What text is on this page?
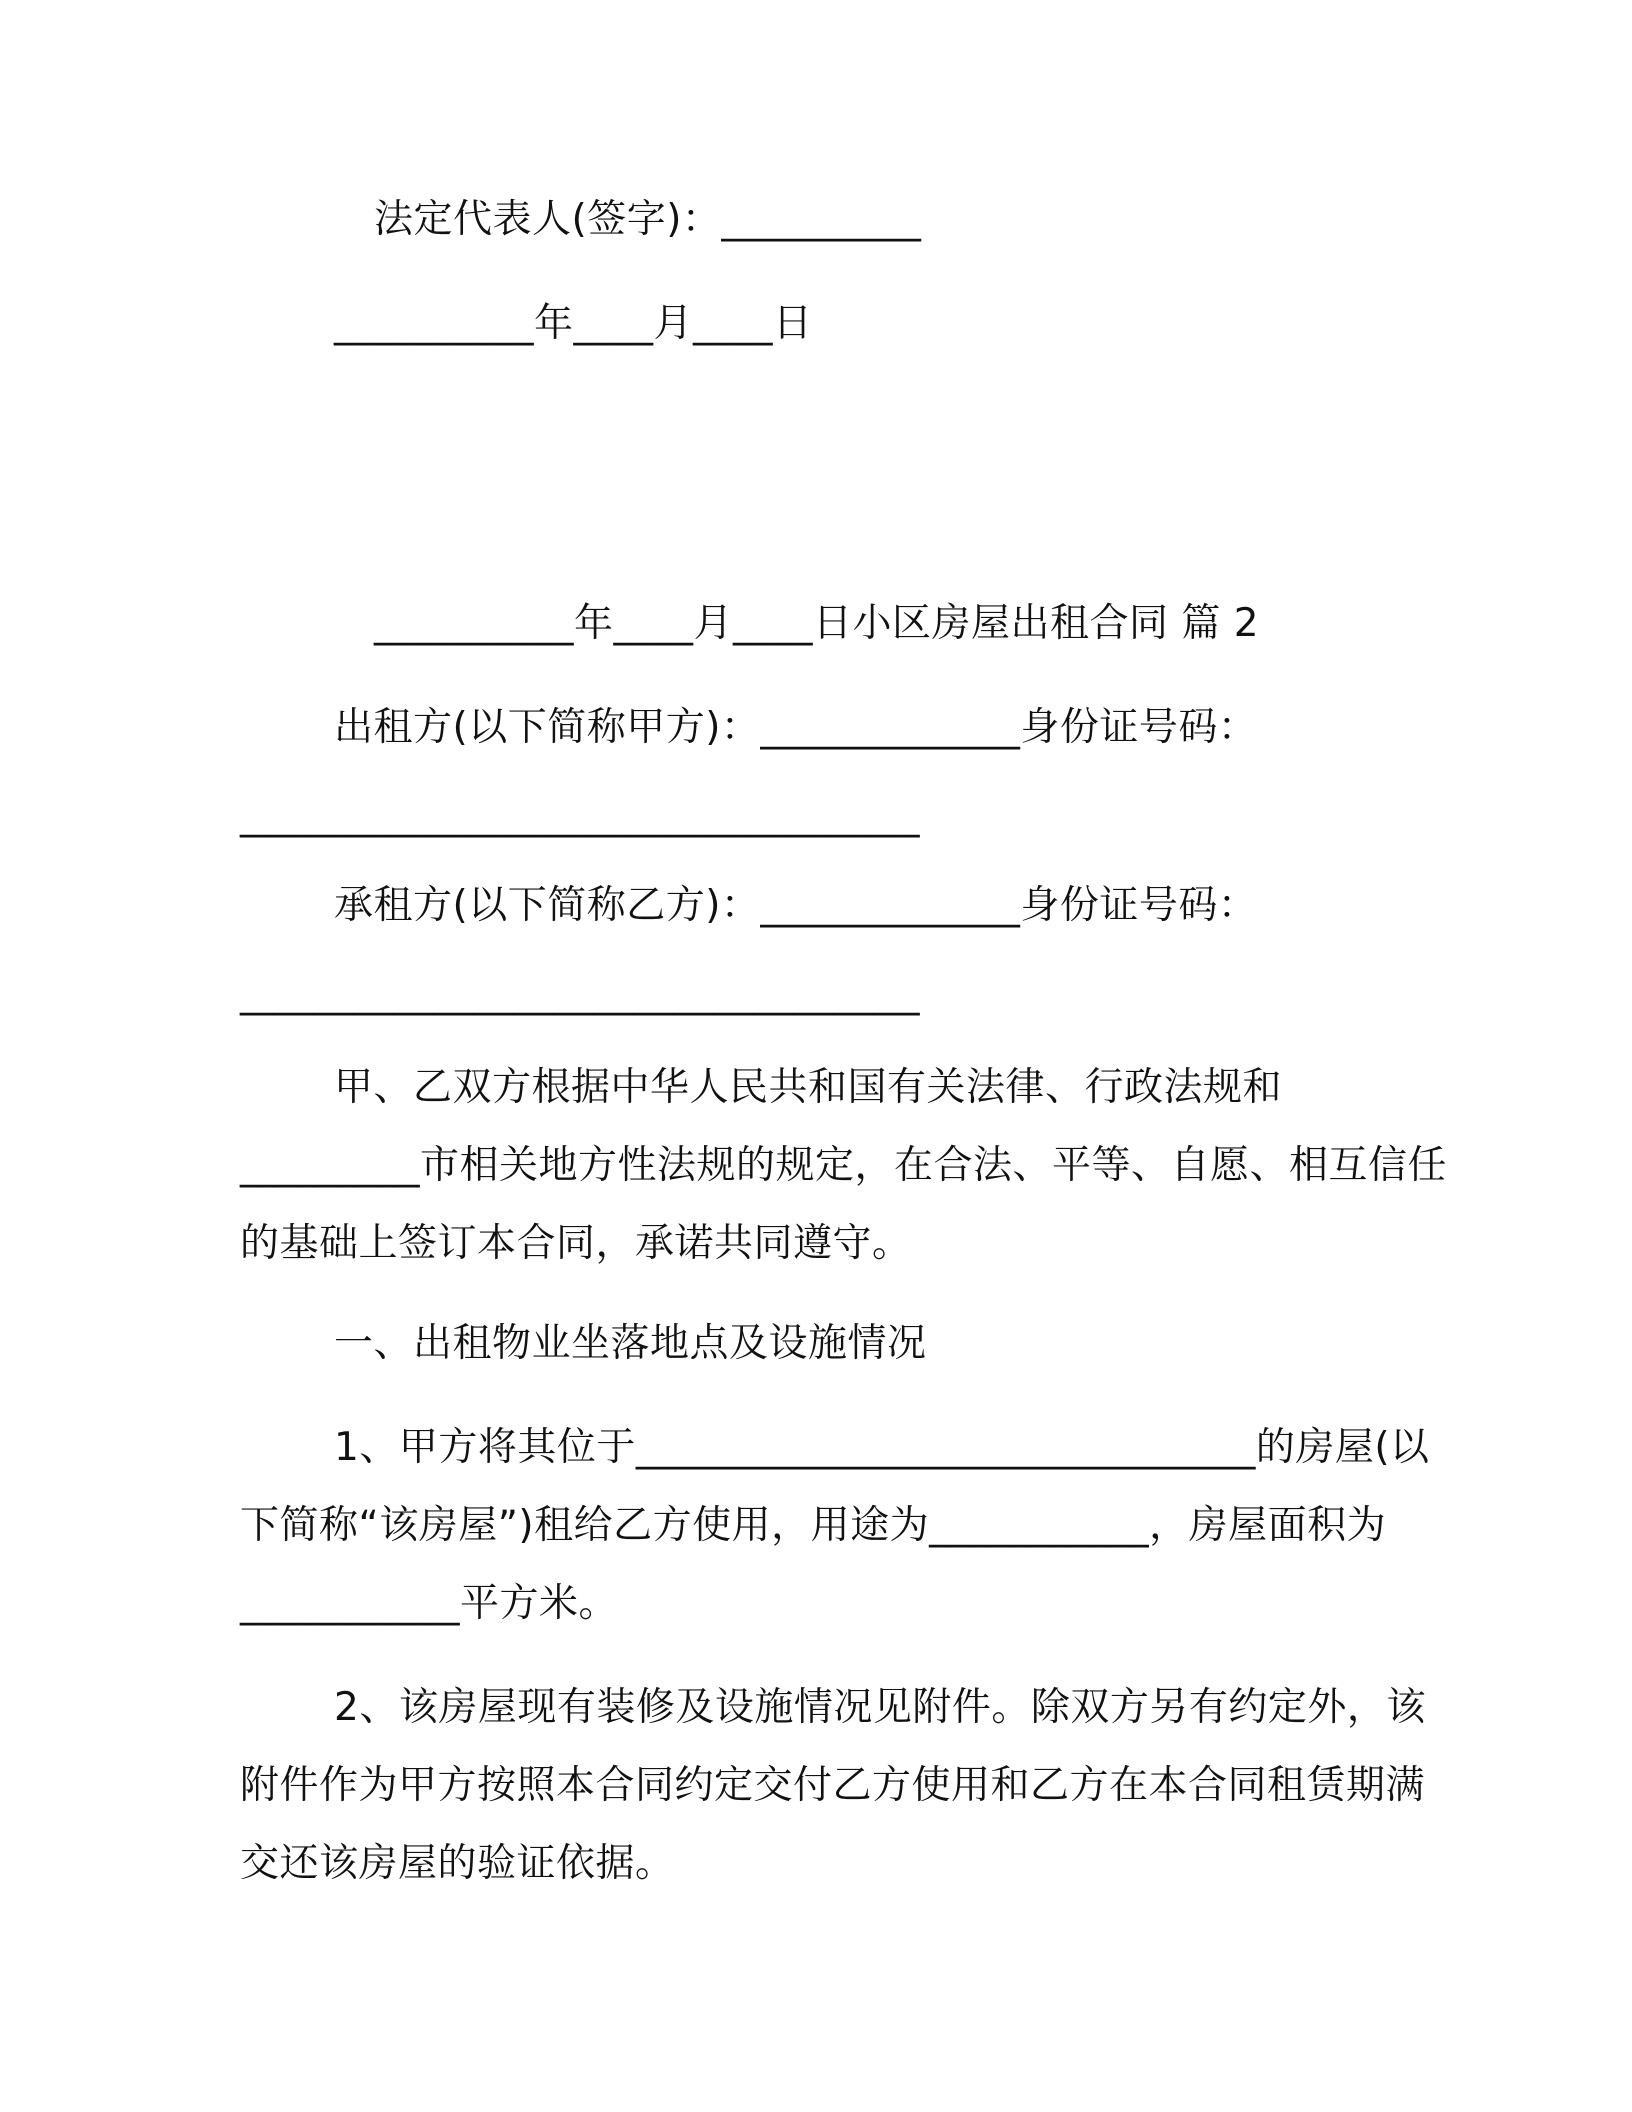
法定代表人(签字)：__________
__________年____月____日
__________年____月____日小区房屋出租合同 篇 2
出租方(以下简称甲方)：_____________身份证号码：
__________________________________
承租方(以下简称乙方)：_____________身份证号码：
__________________________________
甲、乙双方根据中华人民共和国有关法律、行政法规和
_________市相关地方性法规的规定，在合法、平等、自愿、相互信任
的基础上签订本合同，承诺共同遵守。
一、出租物业坐落地点及设施情况
1、甲方将其位于_______________________________的房屋(以
下简称“该房屋”)租给乙方使用，用途为___________，房屋面积为
___________平方米。
2、该房屋现有装修及设施情况见附件。除双方另有约定外，该
附件作为甲方按照本合同约定交付乙方使用和乙方在本合同租赁期满
交还该房屋的验证依据。
